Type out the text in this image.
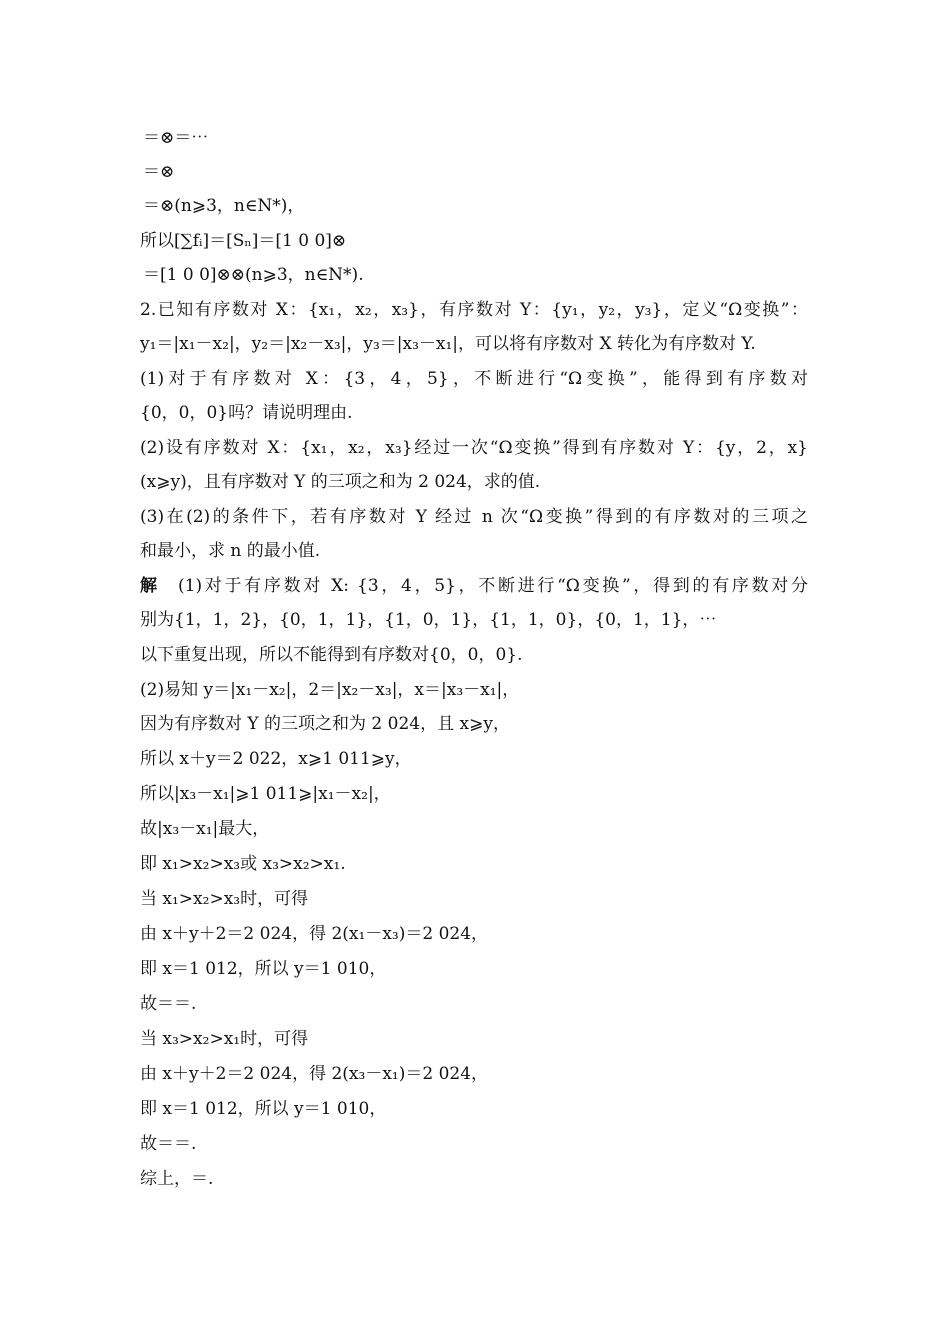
＝⊗＝⋯
＝⊗
＝⊗(n⩾3，n∈N*)，
所以[∑fᵢ]＝[Sₙ]＝[1 0 0]⊗
＝[1 0 0]⊗⊗(n⩾3，n∈N*).
2.已知有序数对 X：{x₁，x₂，x₃}，有序数对 Y：{y₁，y₂，y₃}，定义“Ω变换”：
y₁＝|x₁－x₂|，y₂＝|x₂－x₃|，y₃＝|x₃－x₁|，可以将有序数对 X 转化为有序数对 Y.
(1)对于有序数对 X：{3，4，5}，不断进行“Ω变换”，能得到有序数对
{0，0，0}吗？请说明理由.
(2)设有序数对 X：{x₁，x₂，x₃}经过一次“Ω变换”得到有序数对 Y：{y，2，x}
(x⩾y)，且有序数对 Y 的三项之和为 2 024，求的值.
(3)在(2)的条件下，若有序数对 Y 经过 n 次“Ω变换”得到的有序数对的三项之
和最小，求 n 的最小值.
解 (1)对于有序数对 X: {3，4，5}，不断进行“Ω变换”，得到的有序数对分
别为{1，1，2}，{0，1，1}，{1，0，1}，{1，1，0}，{0，1，1}，⋯
以下重复出现，所以不能得到有序数对{0，0，0}.
(2)易知 y＝|x₁－x₂|，2＝|x₂－x₃|，x＝|x₃－x₁|，
因为有序数对 Y 的三项之和为 2 024，且 x⩾y，
所以 x＋y＝2 022，x⩾1 011⩾y，
所以|x₃－x₁|⩾1 011⩾|x₁－x₂|，
故|x₃－x₁|最大，
即 x₁>x₂>x₃或 x₃>x₂>x₁.
当 x₁>x₂>x₃时，可得
由 x＋y＋2＝2 024，得 2(x₁－x₃)＝2 024，
即 x＝1 012，所以 y＝1 010，
故＝＝.
当 x₃>x₂>x₁时，可得
由 x＋y＋2＝2 024，得 2(x₃－x₁)＝2 024，
即 x＝1 012，所以 y＝1 010，
故＝＝.
综上，＝.
